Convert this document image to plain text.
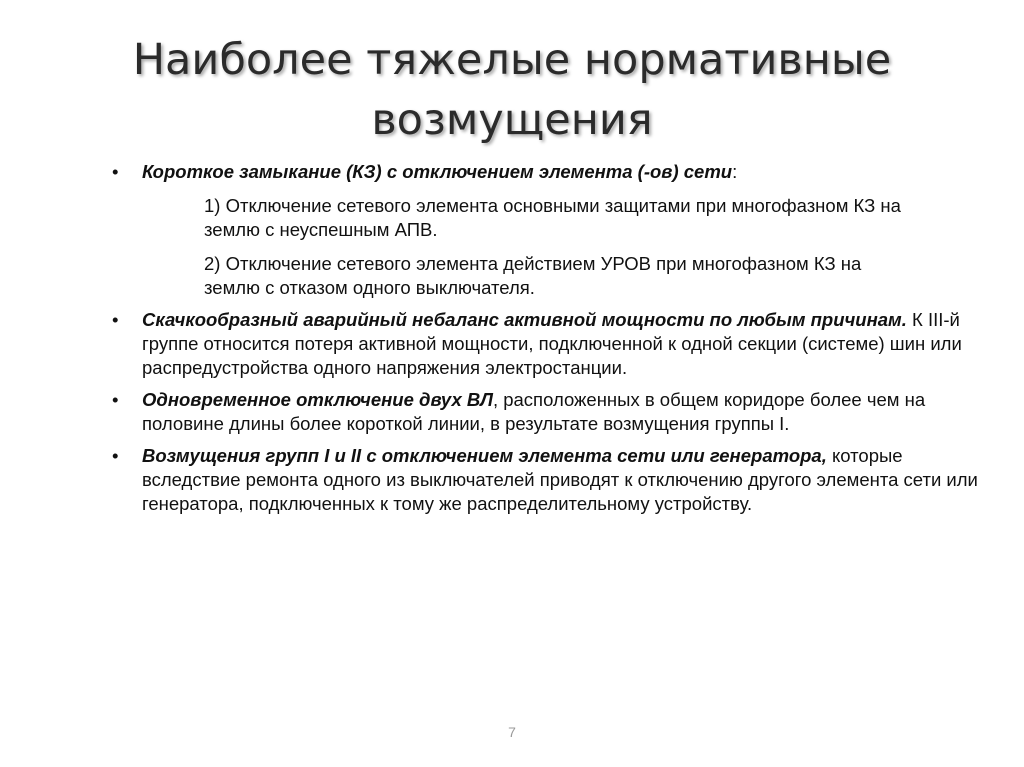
Наиболее тяжелые нормативные
возмущения
•	Короткое замыкание (КЗ) с отключением элемента (-ов) сети:
1) Отключение сетевого элемента основными защитами при многофазном КЗ на землю с неуспешным АПВ.
2) Отключение сетевого элемента действием УРОВ при многофазном КЗ на землю с отказом одного выключателя.
•	Скачкообразный аварийный небаланс активной мощности по любым причинам. К III-й группе относится потеря активной мощности, подключенной к одной секции (системе) шин или распредустройства одного напряжения электростанции.
•	Одновременное отключение двух ВЛ, расположенных в общем коридоре более чем на половине длины более короткой линии, в результате возмущения группы I.
•	Возмущения групп I и II с отключением элемента сети или генератора, которые вследствие ремонта одного из выключателей приводят к отключению другого элемента сети или генератора, подключенных к тому же распределительному устройству.
7
